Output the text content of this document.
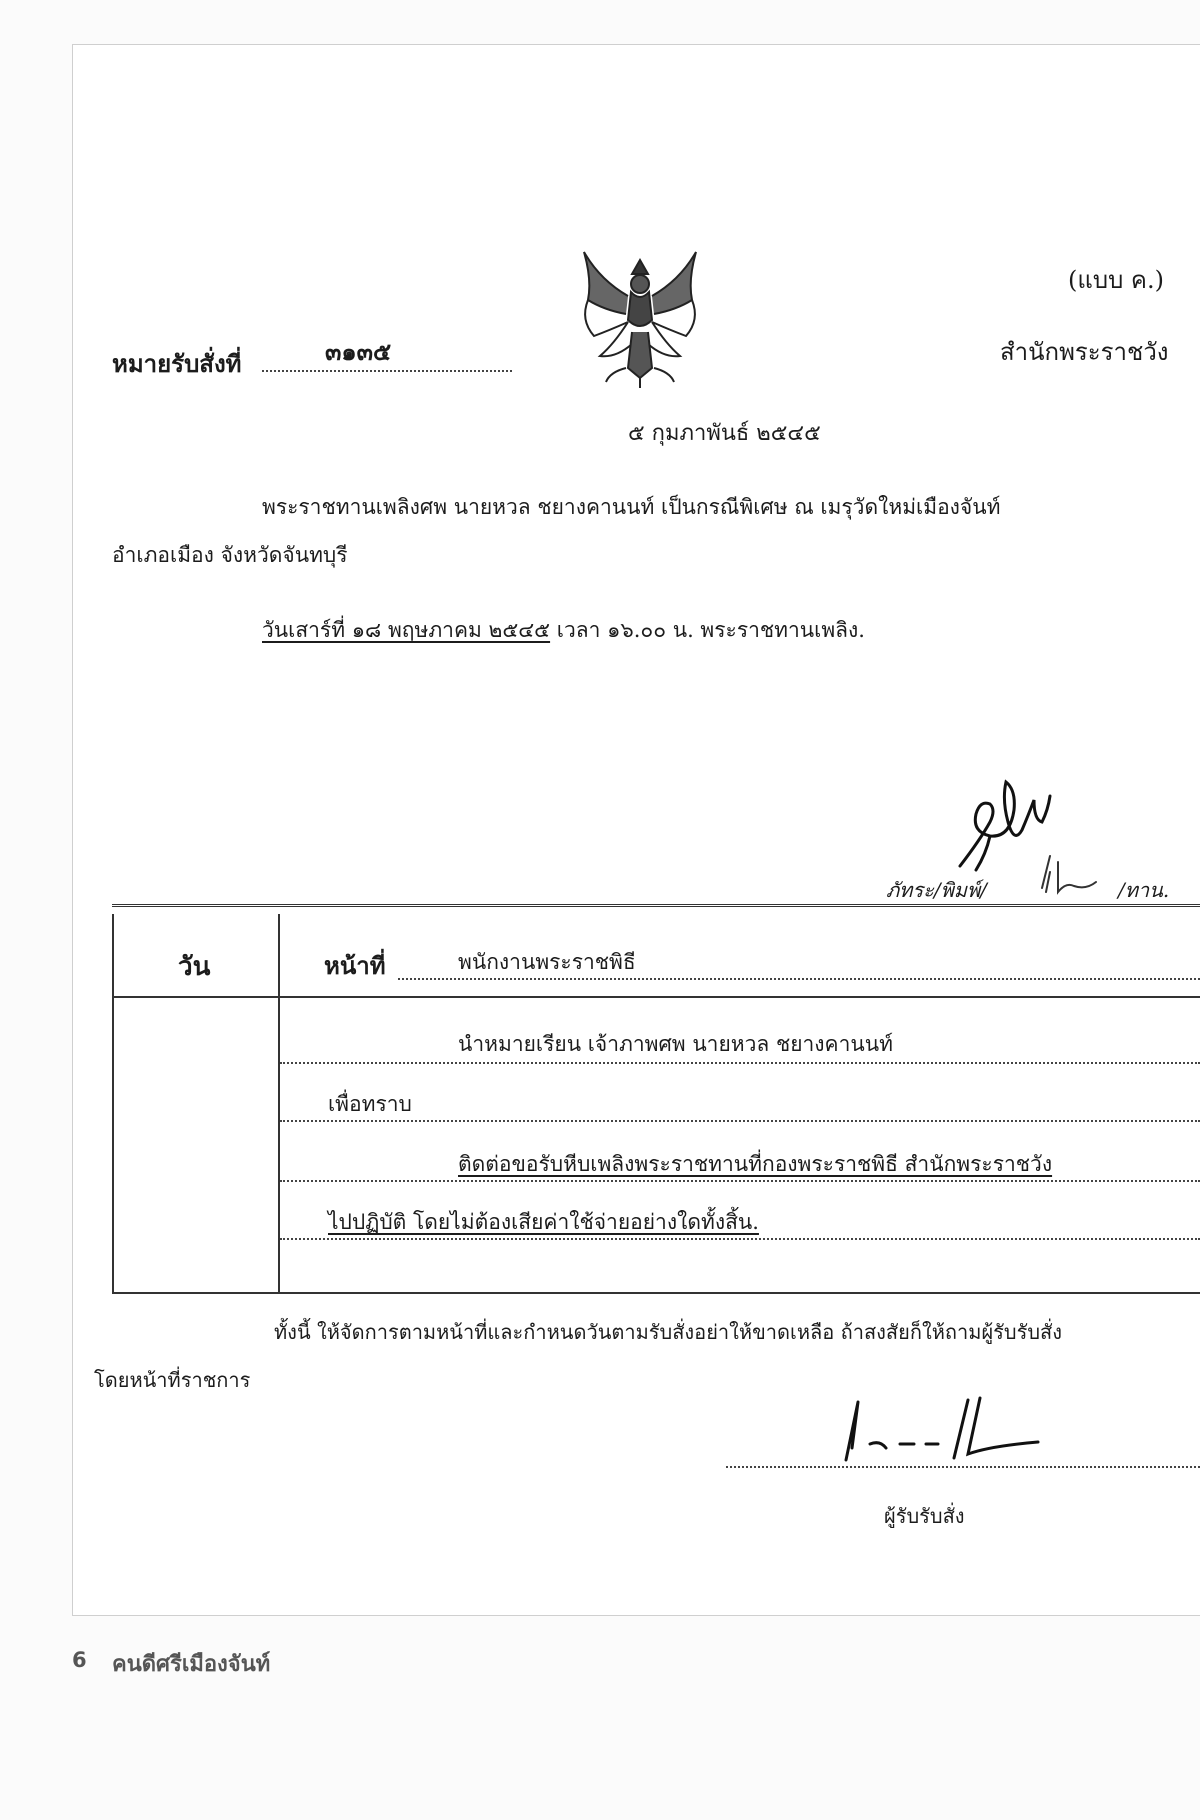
(แบบ ค.)
หมายรับสั่งที่	๓๑๓๕	สำนักพระราชวัง
๕ กุมภาพันธ์ ๒๕๔๕
พระราชทานเพลิงศพ นายหวล ชยางคานนท์ เป็นกรณีพิเศษ ณ เมรุวัดใหม่เมืองจันท์
อำเภอเมือง จังหวัดจันทบุรี
วันเสาร์ที่ ๑๘ พฤษภาคม ๒๕๔๕ เวลา ๑๖.๐๐ น. พระราชทานเพลิง.
ภัทระ/พิมพ์/	/ทาน.
วัน	หน้าที่	พนักงานพระราชพิธี
นำหมายเรียน เจ้าภาพศพ นายหวล ชยางคานนท์
เพื่อทราบ
ติดต่อขอรับหีบเพลิงพระราชทานที่กองพระราชพิธี สำนักพระราชวัง
ไปปฏิบัติ โดยไม่ต้องเสียค่าใช้จ่ายอย่างใดทั้งสิ้น.
ทั้งนี้ ให้จัดการตามหน้าที่และกำหนดวันตามรับสั่งอย่าให้ขาดเหลือ ถ้าสงสัยก็ให้ถามผู้รับรับสั่ง
โดยหน้าที่ราชการ
ผู้รับรับสั่ง
6 คนดีศรีเมืองจันท์
